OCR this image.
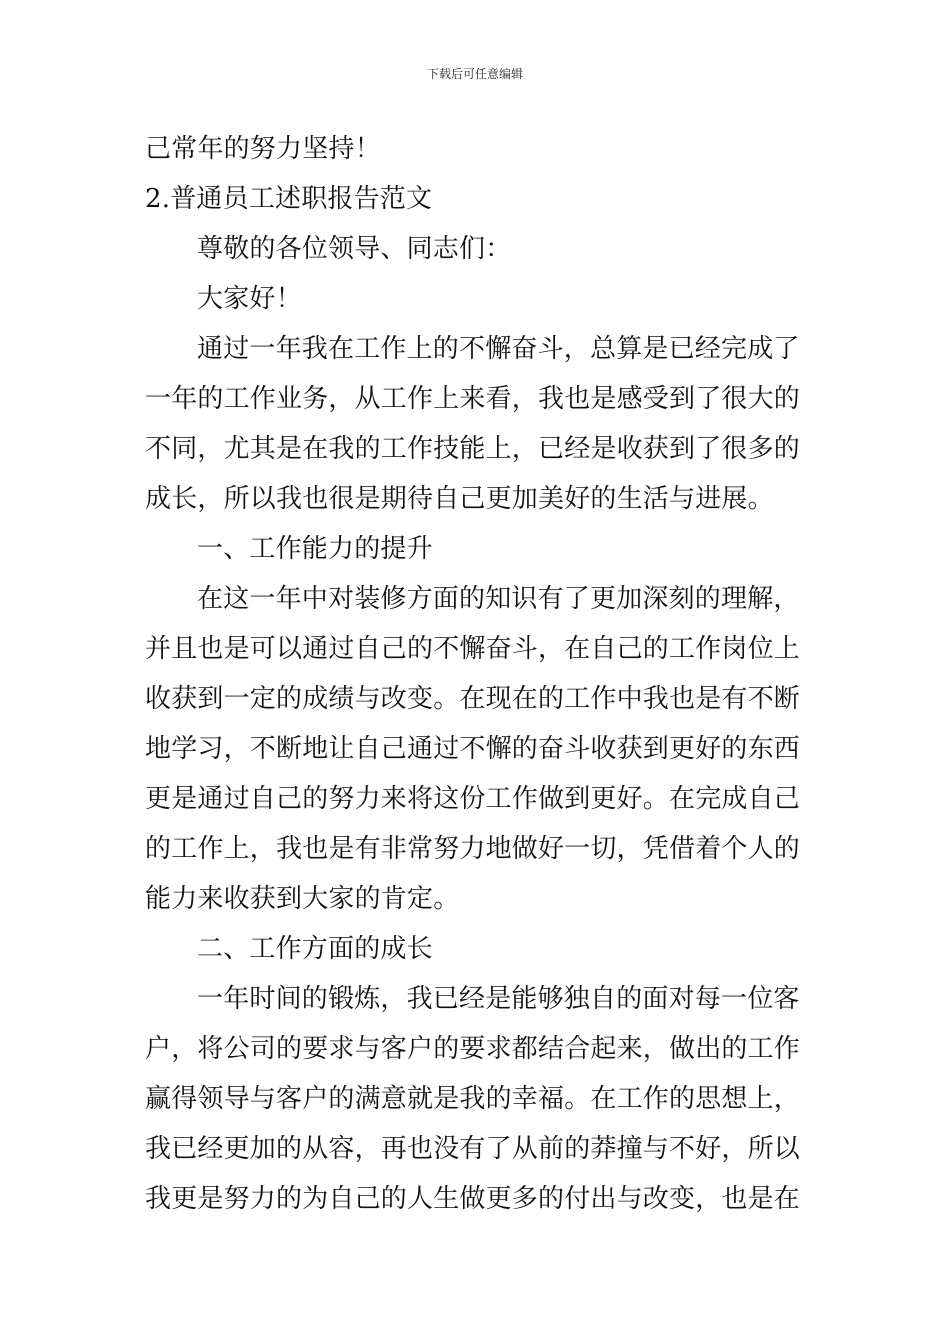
下载后可任意编辑
己常年的努力坚持！
2.普通员工述职报告范文
尊敬的各位领导、同志们：
大家好！
通过一年我在工作上的不懈奋斗，总算是已经完成了
一年的工作业务，从工作上来看，我也是感受到了很大的
不同，尤其是在我的工作技能上，已经是收获到了很多的
成长，所以我也很是期待自己更加美好的生活与进展。
一、工作能力的提升
在这一年中对装修方面的知识有了更加深刻的理解，
并且也是可以通过自己的不懈奋斗，在自己的工作岗位上
收获到一定的成绩与改变。在现在的工作中我也是有不断
地学习，不断地让自己通过不懈的奋斗收获到更好的东西
更是通过自己的努力来将这份工作做到更好。在完成自己
的工作上，我也是有非常努力地做好一切，凭借着个人的
能力来收获到大家的肯定。
二、工作方面的成长
一年时间的锻炼，我已经是能够独自的面对每一位客
户，将公司的要求与客户的要求都结合起来，做出的工作
赢得领导与客户的满意就是我的幸福。在工作的思想上，
我已经更加的从容，再也没有了从前的莽撞与不好，所以
我更是努力的为自己的人生做更多的付出与改变，也是在
